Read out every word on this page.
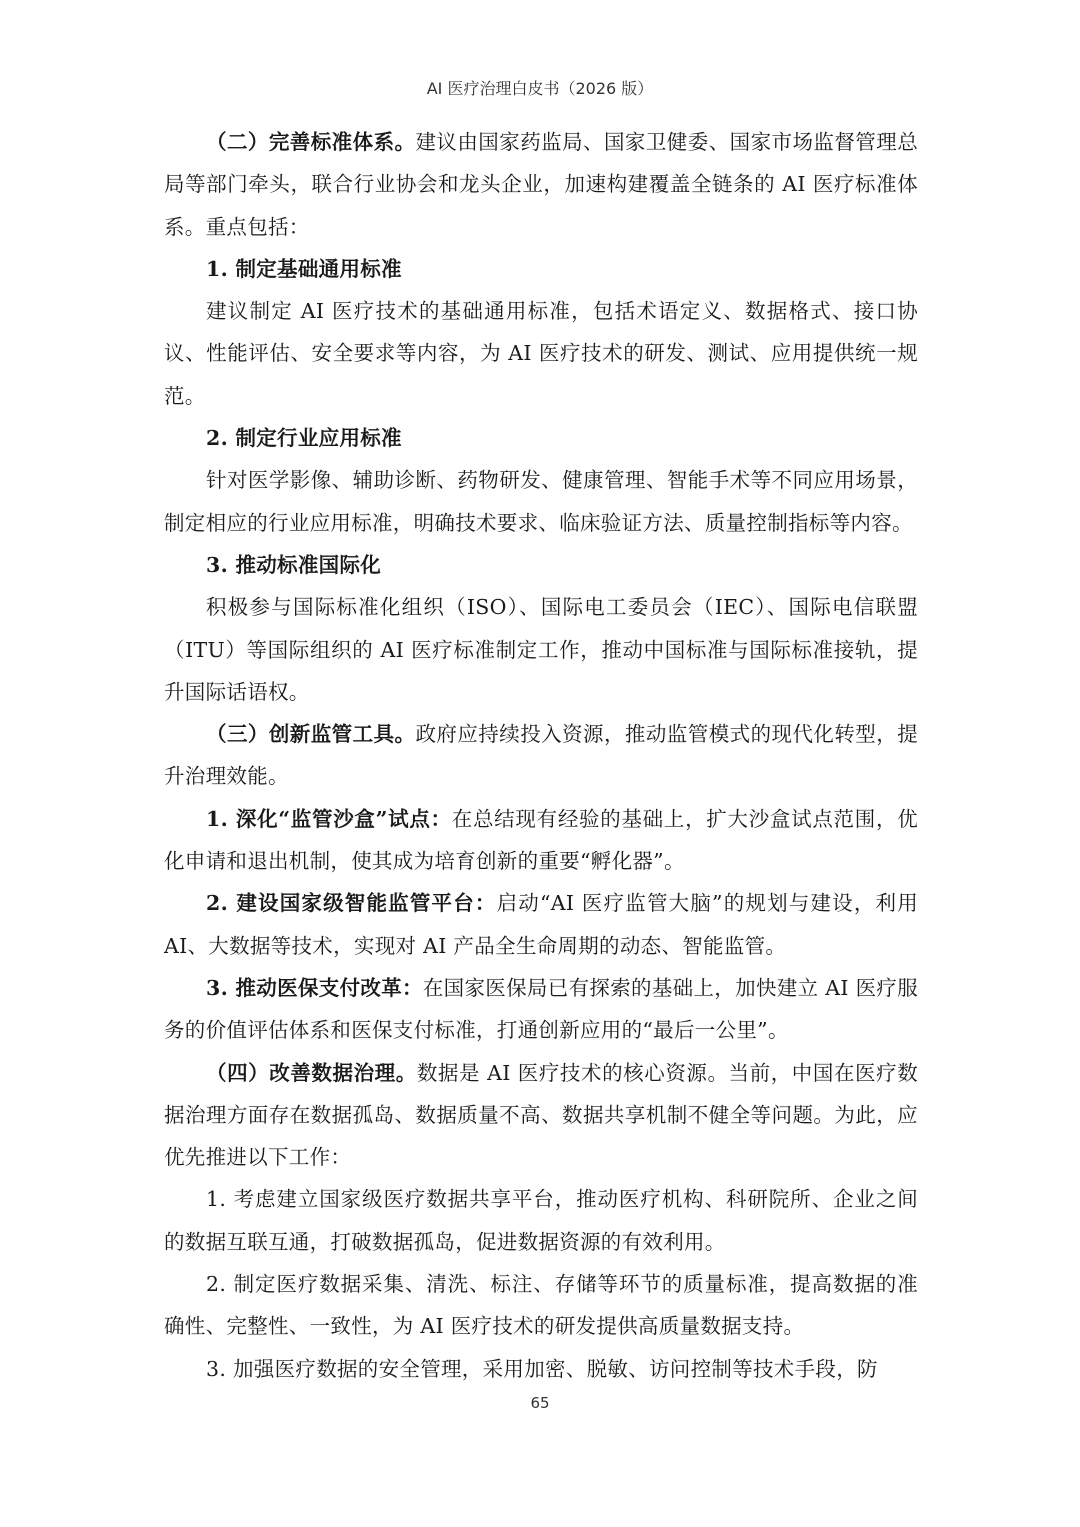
AI 医疗治理白皮书（2026 版）

（二）完善标准体系。建议由国家药监局、国家卫健委、国家市场监督管理总局等部门牵头，联合行业协会和龙头企业，加速构建覆盖全链条的 AI 医疗标准体系。重点包括：

1. 制定基础通用标准

建议制定 AI 医疗技术的基础通用标准，包括术语定义、数据格式、接口协议、性能评估、安全要求等内容，为 AI 医疗技术的研发、测试、应用提供统一规范。

2. 制定行业应用标准

针对医学影像、辅助诊断、药物研发、健康管理、智能手术等不同应用场景，制定相应的行业应用标准，明确技术要求、临床验证方法、质量控制指标等内容。

3. 推动标准国际化

积极参与国际标准化组织（ISO）、国际电工委员会（IEC）、国际电信联盟（ITU）等国际组织的 AI 医疗标准制定工作，推动中国标准与国际标准接轨，提升国际话语权。

（三）创新监管工具。政府应持续投入资源，推动监管模式的现代化转型，提升治理效能。

1. 深化“监管沙盒”试点：在总结现有经验的基础上，扩大沙盒试点范围，优化申请和退出机制，使其成为培育创新的重要“孵化器”。

2. 建设国家级智能监管平台：启动“AI 医疗监管大脑”的规划与建设，利用 AI、大数据等技术，实现对 AI 产品全生命周期的动态、智能监管。

3. 推动医保支付改革：在国家医保局已有探索的基础上，加快建立 AI 医疗服务的价值评估体系和医保支付标准，打通创新应用的“最后一公里”。

（四）改善数据治理。数据是 AI 医疗技术的核心资源。当前，中国在医疗数据治理方面存在数据孤岛、数据质量不高、数据共享机制不健全等问题。为此，应优先推进以下工作：

1. 考虑建立国家级医疗数据共享平台，推动医疗机构、科研院所、企业之间的数据互联互通，打破数据孤岛，促进数据资源的有效利用。

2. 制定医疗数据采集、清洗、标注、存储等环节的质量标准，提高数据的准确性、完整性、一致性，为 AI 医疗技术的研发提供高质量数据支持。

3. 加强医疗数据的安全管理，采用加密、脱敏、访问控制等技术手段，防

65
